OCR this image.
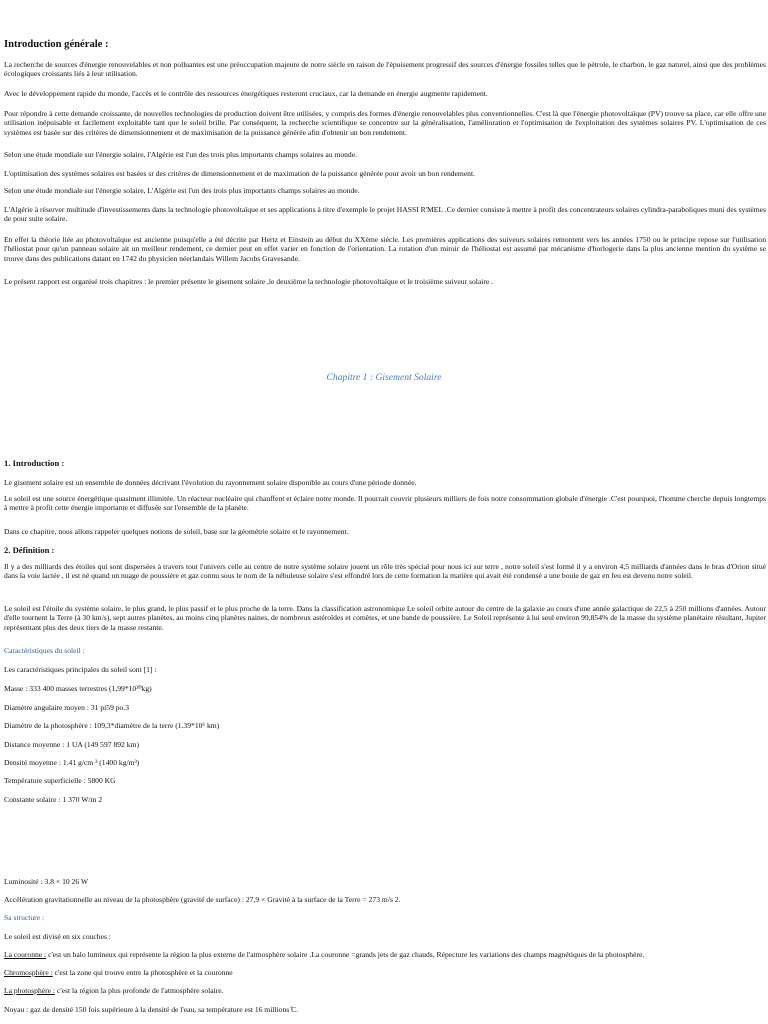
Introduction générale :

La recherche de sources d'énergie renouvelables et non polluantes est une préoccupation majeure de notre siècle en raison de l'épuisement progressif des sources d'énergie fossiles telles que le pétrole, le charbon, le gaz naturel, ainsi que des problèmes écologiques croissants liés à leur utilisation.

Avec le développement rapide du monde, l'accès et le contrôle des ressources énergétiques resteront cruciaux, car la demande en énergie augmente rapidement.

Pour répondre à cette demande croissante, de nouvelles technologies de production doivent être utilisées, y compris des formes d'énergie renouvelables plus conventionnelles. C'est là que l'énergie photovoltaïque (PV) trouve sa place, car elle offre une utilisation inépuisable et facilement exploitable tant que le soleil brille. Par conséquent, la recherche scientifique se concentre sur la généralisation, l'amélioration et l'optimisation de l'exploitation des systèmes solaires PV. L'optimisation de ces systèmes est basée sur des critères de dimensionnement et de maximisation de la puissance générée afin d'obtenir un bon rendement.

Selon une étude mondiale sur l'énergie solaire, l'Algérie est l'un des trois plus importants champs solaires au monde.

L'optimisation des systèmes solaires est basées sr des critères de dimensionnement et de maximation de la puissance générée pour avoir un bon rendement.

Selon une étude mondiale sur l'énergie solaire, L'Algérie est l'un des trois plus importants champs solaires au monde.

L'Algérie à réserver multitude d'investissements dans la technologie photovoltaïque et ses applications à titre d'exemple le projet HASSI R'MEL .Ce dernier consiste à mettre à profit des concentrateurs solaires cylindra-paraboliques muni des systèmes de pour suite solaire.

En effet la théorie liée au photovoltaïque est ancienne puisqu'elle a été décrite par Hertz et Einstein au début du XXème siècle. Les premières applications des suiveurs solaires remontent vers les années 1750 ou le principe repose sur l'utilisation l'héliostat pour qu'un panneau solaire ait un meilleur rendement, ce dernier peut en effet varier en fonction de l'orientation. La rotation d'un miroir de l'héliostat est assumé par mécanisme d'horlogerie dans la plus ancienne mention du système se trouve dans des publications datant en 1742 du physicien néerlandais Willem Jacobs Gravesande.

Le présent rapport est organisé trois chapitres : le premier présente le gisement solaire ,le deuxième la technologie photovoltaïque et le troisième suiveur solaire .

Chapitre 1 : Gisement Solaire
1. Introduction :

Le gisement solaire est un ensemble de données décrivant l'évolution du rayonnement solaire disponible au cours d'une période donnée.

Le soleil est une source énergétique quasiment illimitée. Un réacteur nucléaire qui chauffent et éclaire notre monde. Il pourrait couvrir plusieurs milliers de fois notre consommation globale d'énergie .C'est pourquoi, l'homme cherche depuis longtemps à mettre à profit cette énergie importante et diffusée sur l'ensemble de la planète.

Dans ce chapitre, nous allons rappeler quelques notions de soleil, base sur la géométrie solaire et le rayonnement.

2. Définition :

Il y a des milliards des étoiles qui sont dispersées à travers tout l'univers celle au centre de notre système solaire jouent un rôle très spécial pour nous ici sur terre , notre soleil s'est formé il y a environ 4,5 milliards d'années dans le bras d'Orion situé dans la voie lactée , il est né quand un nuage de poussière et gaz connu sous le nom de la nébuleuse solaire s'est effondré lors de cette formation la matière qui avait été condensé a une boule de gaz en feu est devenu notre soleil.

Le soleil est l'étoile du système solaire, le plus grand, le plus passif et le plus proche de la terre. Dans la classification astronomique Le soleil orbite autour du centre de la galaxie au cours d'une année galactique de 22,5 à 250 millions d'années. Autour d'elle tournent la Terre (à 30 km/s), sept autres planètes, au moins cinq planètes naines, de nombreux astéroïdes et comètes, et une bande de poussière. Le Soleil représente à lui seul environ 99,854% de la masse du système planétaire résultant, Jupiter représentant plus des deux tiers de la masse restante.

Caractéristiques du soleil :

Les caractéristiques principales du soleil sont [1] :

Masse : 333 400 masses terrestres (1,99*10³⁰kg)

Diamètre angulaire moyen : 31 pi59 po.3

Diamètre de la photosphère : 109,3*diamètre de la terre (1.39*10⁶ km)

Distance moyenne : 1 UA (149 597 892 km)

Densité moyenne : 1.41 g/cm ³ (1400 kg/m³)

Température superficielle : 5800 KG

Constante solaire : 1 370 W/m 2

Luminosité : 3.8 × 10 26 W

Accélération gravitationnelle au niveau de la photosphère (gravité de surface) : 27,9 × Gravité à la surface de la Terre = 273 m/s 2.

Sa structure :

Le soleil est divisé en six couches :

La couronne : c'est un halo lumineux qui représente la région la plus externe de l'atmosphère solaire .La couronne =grands jets de gaz chauds. Répecture les variations des champs magnétiques de la photosphère.

Chromosphère : c'est la zone qui trouve entre la photosphère et la couronne

La photosphère : c'est la région la plus profonde de l'atmosphère solaire.

Noyau : gaz de densité 150 fois supérieure à la densité de l'eau, sa température est 16 millions ̊C.
